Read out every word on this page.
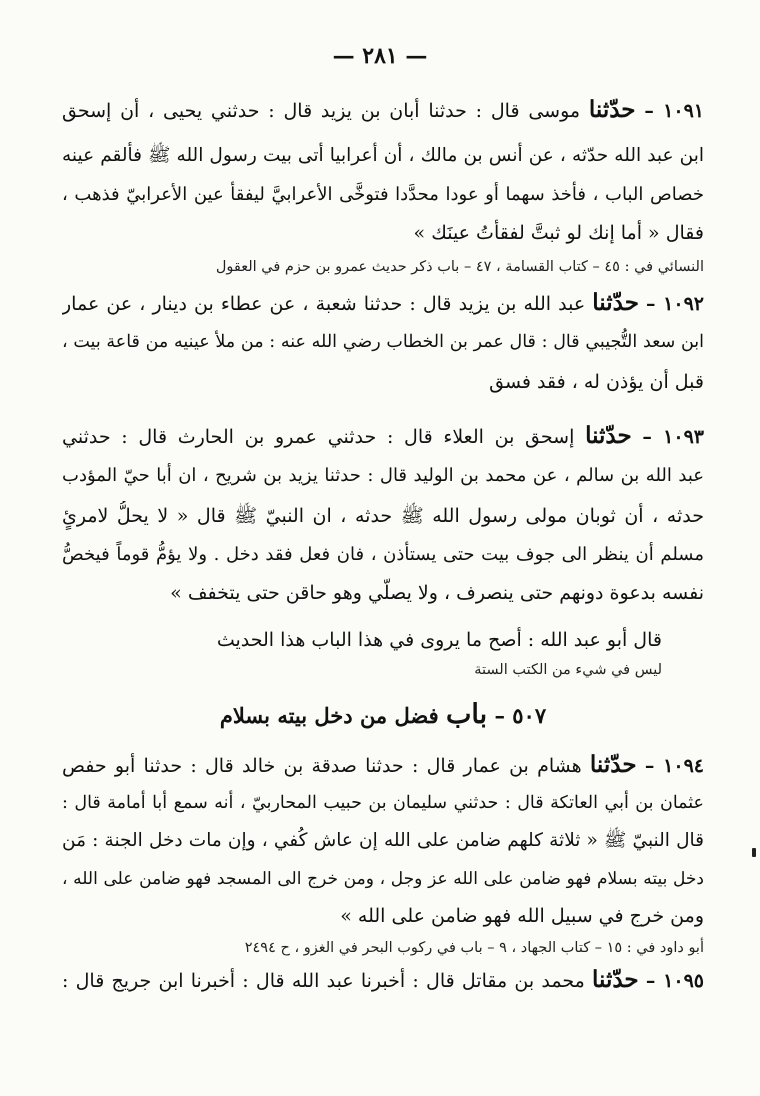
— ٢٨١ —
١٠٩١ – حدّثنا موسى قال : حدثنا أبان بن يزيد قال : حدثني يحيى ، أن إسحق
ابن عبد الله حدّثه ، عن أنس بن مالك ، أن أعرابيا أتى بيت رسول الله ﷺ فألقم عينه
خصاص الباب ، فأخذ سهما أو عودا محدَّدا فتوخَّى الأعرابيَّ ليفقأ عين الأعرابيّ فذهب ،
فقال « أما إنك لو ثبتَّ لفقأتُ عينَك »
النسائي في : ٤٥ – كتاب القسامة ، ٤٧ – باب ذكر حديث عمرو بن حزم في العقول
١٠٩٢ – حدّثنا عبد الله بن يزيد قال : حدثنا شعبة ، عن عطاء بن دينار ، عن عمار
ابن سعد التُّجيبي قال : قال عمر بن الخطاب رضي الله عنه : من ملأ عينيه من قاعة بيت ،
قبل أن يؤذن له ، فقد فسق
١٠٩٣ – حدّثنا إسحق بن العلاء قال : حدثني عمرو بن الحارث قال : حدثني
عبد الله بن سالم ، عن محمد بن الوليد قال : حدثنا يزيد بن شريح ، ان أبا حيّ المؤدب
حدثه ، أن ثوبان مولى رسول الله ﷺ حدثه ، ان النبيّ ﷺ قال « لا يحلُّ لامرئٍ
مسلم أن ينظر الى جوف بيت حتى يستأذن ، فان فعل فقد دخل . ولا يؤمُّ قوماً فيخصُّ
نفسه بدعوة دونهم حتى ينصرف ، ولا يصلّي وهو حاقن حتى يتخفف »
قال أبو عبد الله : أصح ما يروى في هذا الباب هذا الحديث
ليس في شيء من الكتب الستة
٥٠٧ – باب فضل من دخل بيته بسلام
١٠٩٤ – حدّثنا هشام بن عمار قال : حدثنا صدقة بن خالد قال : حدثنا أبو حفص
عثمان بن أبي العاتكة قال : حدثني سليمان بن حبيب المحاربيّ ، أنه سمع أبا أمامة قال :
قال النبيّ ﷺ « ثلاثة كلهم ضامن على الله إن عاش كُفي ، وإن مات دخل الجنة : مَن
دخل بيته بسلام فهو ضامن على الله عز وجل ، ومن خرج الى المسجد فهو ضامن على الله ،
ومن خرج في سبيل الله فهو ضامن على الله »
أبو داود في : ١٥ – كتاب الجهاد ، ٩ – باب في ركوب البحر في الغزو ، ح ٢٤٩٤
١٠٩٥ – حدّثنا محمد بن مقاتل قال : أخبرنا عبد الله قال : أخبرنا ابن جريج قال :
